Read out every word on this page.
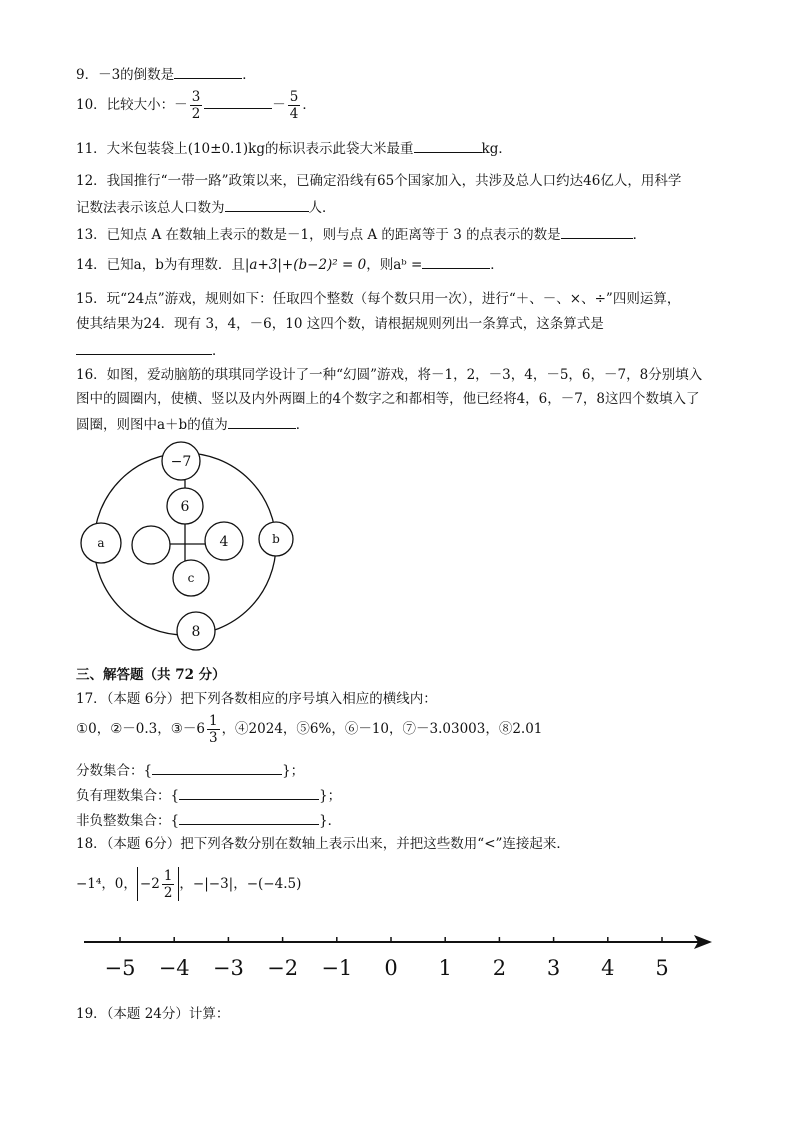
9．－3的倒数是	．
10．比较大小：－ $\frac{3}{2}$	－ $\frac{5}{4}$ ．
11．大米包装袋上(10±0.1)kg的标识表示此袋大米最重	kg．
12．我国推行“一带一路”政策以来，已确定沿线有65个国家加入，共涉及总人口约达46亿人，用科学
记数法表示该总人口数为	人．
13．已知点 A 在数轴上表示的数是－1，则与点 A 的距离等于 3 的点表示的数是	．
14．已知a，b为有理数．且|a+3|+(b−2)² = 0，则aᵇ =	．
15．玩“24点”游戏，规则如下：任取四个整数（每个数只用一次），进行“＋、－、×、÷”四则运算，
使其结果为24．现有 3，4，－6，10 这四个数，请根据规则列出一条算式，这条算式是
．
16．如图，爱动脑筋的琪琪同学设计了一种“幻圆”游戏，将－1，2，－3，4，－5，6，－7，8分别填入
图中的圆圈内，使横、竖以及内外两圈上的4个数字之和都相等，他已经将4，6，－7，8这四个数填入了
圆圈，则图中a＋b的值为	．
−7
6
4
8
a	b
c
三、解答题（共 72 分）
17．（本题 6分）把下列各数相应的序号填入相应的横线内：
①0，②－0.3，③－6 $\frac{1}{3}$ ，④2024，⑤6%，⑥－10，⑦－3.03003，⑧2.01
分数集合：{	}；
负有理数集合：{	}；
非负整数集合：{	}．
18．（本题 6分）把下列各数分别在数轴上表示出来，并把这些数用“<”连接起来．
−1⁴，0， $-2 \frac{1}{2}$ ，−|−3|，−(−4.5)
−5 −4 −3 −2 −1 0 1 2 3 4 5
19．（本题 24分）计算：
